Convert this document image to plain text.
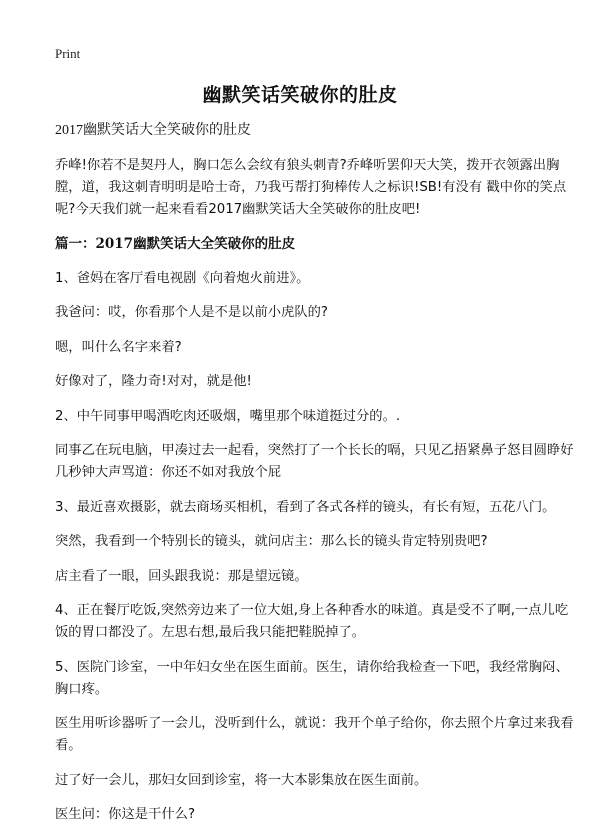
Print
幽默笑话笑破你的肚皮

2017幽默笑话大全笑破你的肚皮

乔峰!你若不是契丹人，胸口怎么会纹有狼头刺青?乔峰听罢仰天大笑，拨开衣领露出胸膛，道，我这刺青明明是哈士奇，乃我丐帮打狗棒传人之标识!SB!有没有 戳中你的笑点呢?今天我们就一起来看看2017幽默笑话大全笑破你的肚皮吧!

篇一：2017幽默笑话大全笑破你的肚皮

1、爸妈在客厅看电视剧《向着炮火前进》。

我爸问：哎，你看那个人是不是以前小虎队的?

嗯，叫什么名字来着?

好像对了，隆力奇!对对，就是他!

2、中午同事甲喝酒吃肉还吸烟，嘴里那个味道挺过分的。.

同事乙在玩电脑，甲凑过去一起看，突然打了一个长长的嗝，只见乙捂紧鼻子怒目圆睁好几秒钟大声骂道：你还不如对我放个屁

3、最近喜欢摄影，就去商场买相机，看到了各式各样的镜头，有长有短，五花八门。

突然，我看到一个特别长的镜头，就问店主：那么长的镜头肯定特别贵吧?

店主看了一眼，回头跟我说：那是望远镜。

4、正在餐厅吃饭,突然旁边来了一位大姐,身上各种香水的味道。真是受不了啊,一点儿吃饭的胃口都没了。左思右想,最后我只能把鞋脱掉了。

5、医院门诊室，一中年妇女坐在医生面前。医生，请你给我检查一下吧，我经常胸闷、胸口疼。

医生用听诊器听了一会儿，没听到什么，就说：我开个单子给你，你去照个片拿过来我看看。

过了好一会儿，那妇女回到诊室，将一大本影集放在医生面前。

医生问：你这是干什么?
